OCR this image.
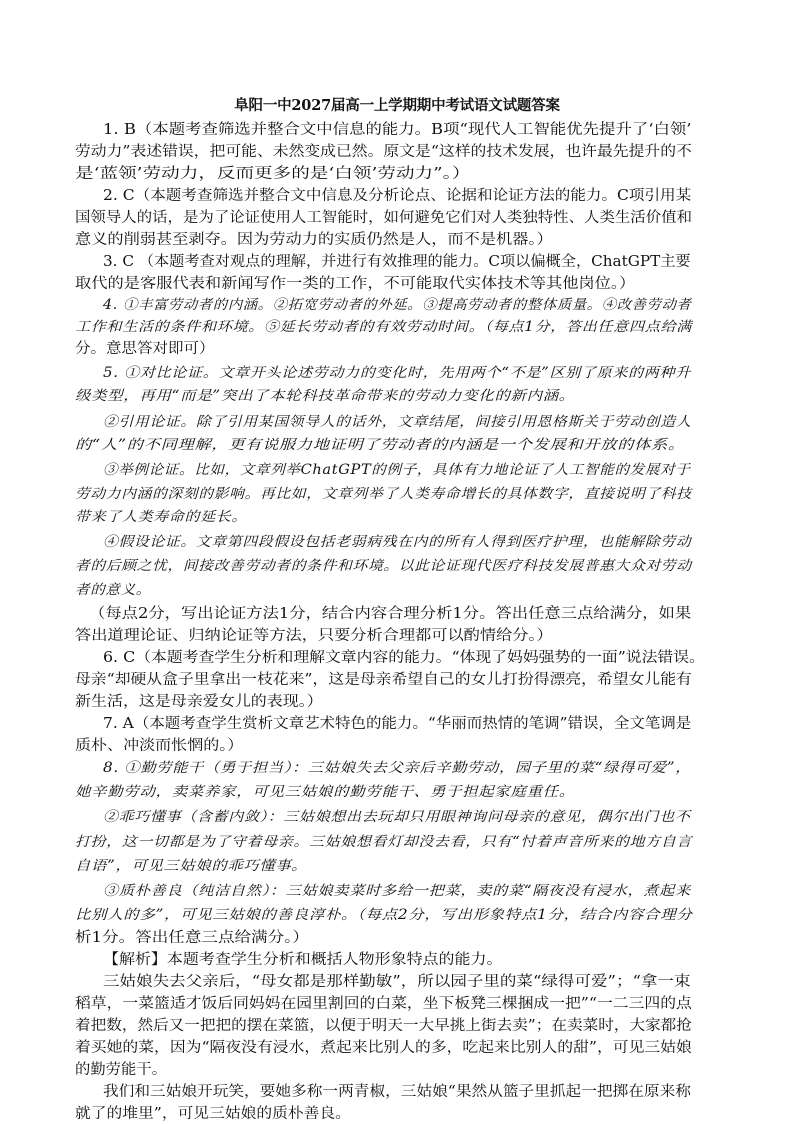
阜阳一中2027届高一上学期期中考试语文试题答案
1. B（本题考查筛选并整合文中信息的能力。B项“现代人工智能优先提升了‘白领’
劳动力”表述错误，把可能、未然变成已然。原文是“这样的技术发展，也许最先提升的不
是‘蓝领’劳动力，反而更多的是‘白领’劳动力”。）
2. C（本题考查筛选并整合文中信息及分析论点、论据和论证方法的能力。C项引用某
国领导人的话，是为了论证使用人工智能时，如何避免它们对人类独特性、人类生活价值和
意义的削弱甚至剥夺。因为劳动力的实质仍然是人，而不是机器。）
3. C （本题考查对观点的理解，并进行有效推理的能力。C项以偏概全，ChatGPT主要
取代的是客服代表和新闻写作一类的工作，不可能取代实体技术等其他岗位。）
4. ①丰富劳动者的内涵。②拓宽劳动者的外延。③提高劳动者的整体质量。④改善劳动者
工作和生活的条件和环境。⑤延长劳动者的有效劳动时间。（每点1分，答出任意四点给满
分。意思答对即可）
5. ①对比论证。文章开头论述劳动力的变化时，先用两个“不是”区别了原来的两种升
级类型，再用“而是”突出了本轮科技革命带来的劳动力变化的新内涵。
②引用论证。除了引用某国领导人的话外，文章结尾，间接引用恩格斯关于劳动创造人
的“人”的不同理解，更有说服力地证明了劳动者的内涵是一个发展和开放的体系。
③举例论证。比如，文章列举ChatGPT的例子，具体有力地论证了人工智能的发展对于
劳动力内涵的深刻的影响。再比如，文章列举了人类寿命增长的具体数字，直接说明了科技
带来了人类寿命的延长。
④假设论证。文章第四段假设包括老弱病残在内的所有人得到医疗护理，也能解除劳动
者的后顾之忧，间接改善劳动者的条件和环境。以此论证现代医疗科技发展普惠大众对劳动
者的意义。
（每点2分，写出论证方法1分，结合内容合理分析1分。答出任意三点给满分，如果
答出道理论证、归纳论证等方法，只要分析合理都可以酌情给分。）
6. C（本题考查学生分析和理解文章内容的能力。“体现了妈妈强势的一面”说法错误。
母亲“却硬从盒子里拿出一枝花来”，这是母亲希望自己的女儿打扮得漂亮，希望女儿能有
新生活，这是母亲爱女儿的表现。）
7. A（本题考查学生赏析文章艺术特色的能力。“华丽而热情的笔调”错误，全文笔调是
质朴、冲淡而怅惘的。）
8. ①勤劳能干（勇于担当）：三姑娘失去父亲后辛勤劳动，园子里的菜“绿得可爱”，
她辛勤劳动，卖菜养家，可见三姑娘的勤劳能干、勇于担起家庭重任。
②乖巧懂事（含蓄内敛）：三姑娘想出去玩却只用眼神询问母亲的意见，偶尔出门也不
打扮，这一切都是为了守着母亲。三姑娘想看灯却没去看，只有“忖着声音所来的地方自言
自语”，可见三姑娘的乖巧懂事。
③质朴善良（纯洁自然）：三姑娘卖菜时多给一把菜，卖的菜“隔夜没有浸水，煮起来
比别人的多”，可见三姑娘的善良淳朴。（每点2分，写出形象特点1分，结合内容合理分
析1分。答出任意三点给满分。）
【解析】本题考查学生分析和概括人物形象特点的能力。
三姑娘失去父亲后，“母女都是那样勤敏”，所以园子里的菜“绿得可爱”；“拿一束
稻草，一菜篮适才饭后同妈妈在园里割回的白菜，坐下板凳三棵捆成一把”“一二三四的点
着把数，然后又一把把的摆在菜篮，以便于明天一大早挑上街去卖”；在卖菜时，大家都抢
着买她的菜，因为“隔夜没有浸水，煮起来比别人的多，吃起来比别人的甜”，可见三姑娘
的勤劳能干。
我们和三姑娘开玩笑，要她多称一两青椒，三姑娘“果然从篮子里抓起一把掷在原来称
就了的堆里”，可见三姑娘的质朴善良。
